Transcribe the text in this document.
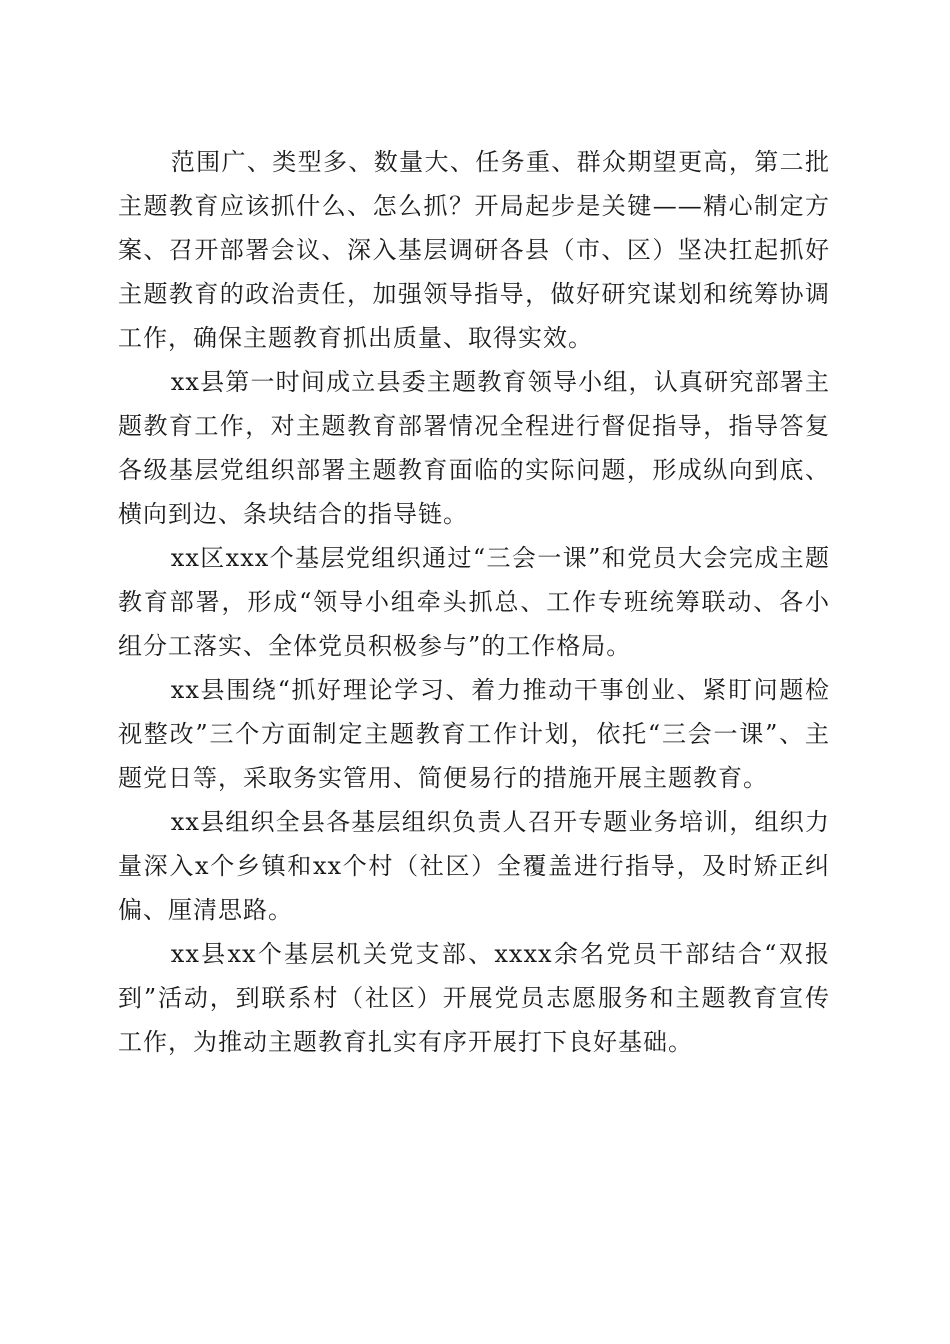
范围广、类型多、数量大、任务重、群众期望更高，第二批主题教育应该抓什么、怎么抓？开局起步是关键——精心制定方案、召开部署会议、深入基层调研各县（市、区）坚决扛起抓好主题教育的政治责任，加强领导指导，做好研究谋划和统筹协调工作，确保主题教育抓出质量、取得实效。

xx县第一时间成立县委主题教育领导小组，认真研究部署主题教育工作，对主题教育部署情况全程进行督促指导，指导答复各级基层党组织部署主题教育面临的实际问题，形成纵向到底、横向到边、条块结合的指导链。

xx区xxx个基层党组织通过“三会一课”和党员大会完成主题教育部署，形成“领导小组牵头抓总、工作专班统筹联动、各小组分工落实、全体党员积极参与”的工作格局。

xx县围绕“抓好理论学习、着力推动干事创业、紧盯问题检视整改”三个方面制定主题教育工作计划，依托“三会一课”、主题党日等，采取务实管用、简便易行的措施开展主题教育。

xx县组织全县各基层组织负责人召开专题业务培训，组织力量深入x个乡镇和xx个村（社区）全覆盖进行指导，及时矫正纠偏、厘清思路。

xx县xx个基层机关党支部、xxxx余名党员干部结合“双报到”活动，到联系村（社区）开展党员志愿服务和主题教育宣传工作，为推动主题教育扎实有序开展打下良好基础。
